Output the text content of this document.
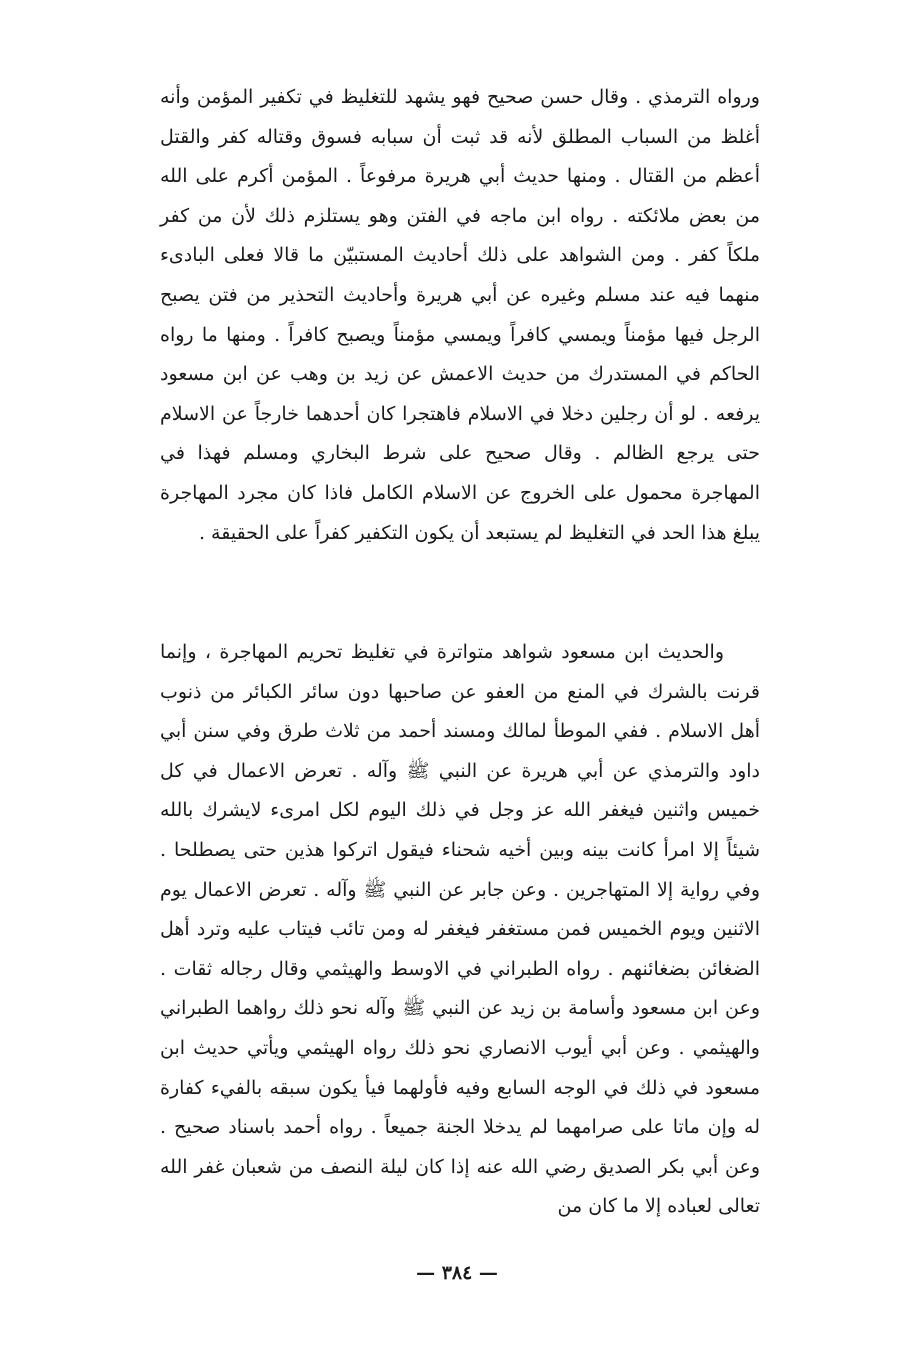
ورواه الترمذي . وقال حسن صحيح فهو يشهد للتغليظ في تكفير المؤمن وأنه أغلظ من السباب المطلق لأنه قد ثبت أن سبابه فسوق وقتاله كفر والقتل أعظم من القتال . ومنها حديث أبي هريرة مرفوعاً . المؤمن أكرم على الله من بعض ملائكته . رواه ابن ماجه في الفتن وهو يستلزم ذلك لأن من كفر ملكاً كفر . ومن الشواهد على ذلك أحاديث المستبيّن ما قالا فعلى البادىء منهما فيه عند مسلم وغيره عن أبي هريرة وأحاديث التحذير من فتن يصبح الرجل فيها مؤمناً ويمسي كافراً ويمسي مؤمناً ويصبح كافراً . ومنها ما رواه الحاكم في المستدرك من حديث الاعمش عن زيد بن وهب عن ابن مسعود يرفعه . لو أن رجلين دخلا في الاسلام فاهتجرا كان أحدهما خارجاً عن الاسلام حتى يرجع الظالم . وقال صحيح على شرط البخاري ومسلم فهذا في المهاجرة محمول على الخروج عن الاسلام الكامل فاذا كان مجرد المهاجرة يبلغ هذا الحد في التغليظ لم يستبعد أن يكون التكفير كفراً على الحقيقة .

والحديث ابن مسعود شواهد متواترة في تغليظ تحريم المهاجرة ، وإنما قرنت بالشرك في المنع من العفو عن صاحبها دون سائر الكبائر من ذنوب أهل الاسلام . ففي الموطأ لمالك ومسند أحمد من ثلاث طرق وفي سنن أبي داود والترمذي عن أبي هريرة عن النبي ﷺ وآله . تعرض الاعمال في كل خميس واثنين فيغفر الله عز وجل في ذلك اليوم لكل امرىء لايشرك بالله شيئاً إلا امرأ كانت بينه وبين أخيه شحناء فيقول اتركوا هذين حتى يصطلحا . وفي رواية إلا المتهاجرين . وعن جابر عن النبي ﷺ وآله . تعرض الاعمال يوم الاثنين ويوم الخميس فمن مستغفر فيغفر له ومن تائب فيتاب عليه وترد أهل الضغائن بضغائنهم . رواه الطبراني في الاوسط والهيثمي وقال رجاله ثقات . وعن ابن مسعود وأسامة بن زيد عن النبي ﷺ وآله نحو ذلك رواهما الطبراني والهيثمي . وعن أبي أيوب الانصاري نحو ذلك رواه الهيثمي ويأتي حديث ابن مسعود في ذلك في الوجه السابع وفيه فأولهما فيأ يكون سبقه بالفيء كفارة له وإن ماتا على صرامهما لم يدخلا الجنة جميعاً . رواه أحمد باسناد صحيح . وعن أبي بكر الصديق رضي الله عنه إذا كان ليلة النصف من شعبان غفر الله تعالى لعباده إلا ما كان من

— ٣٨٤ —
